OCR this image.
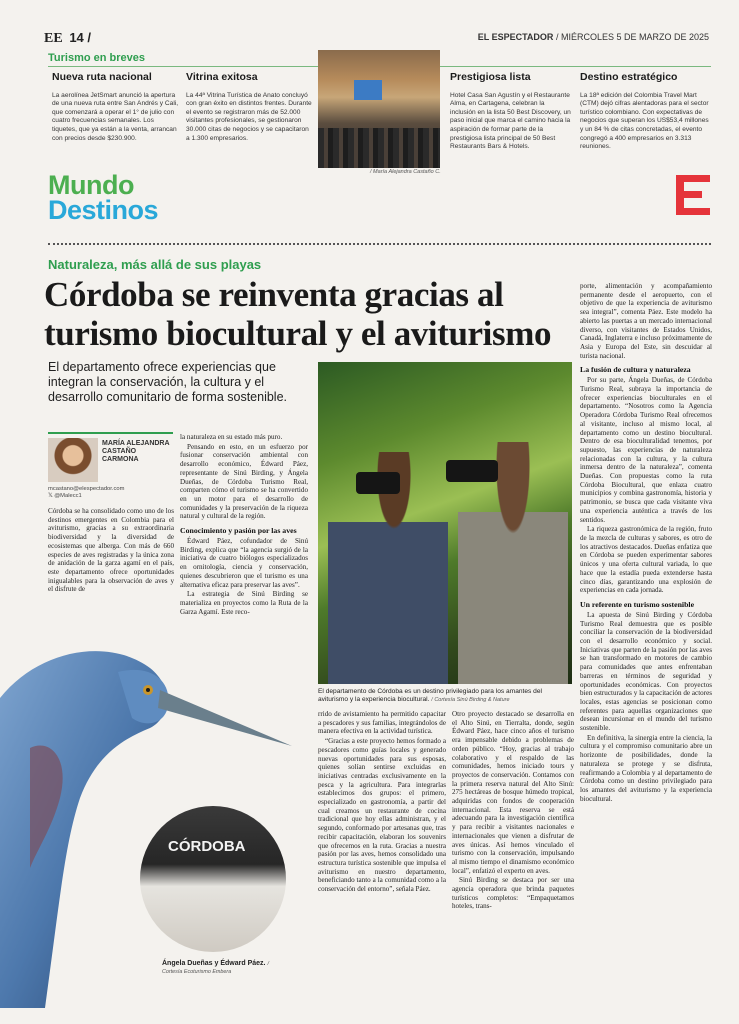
EE 14 /	EL ESPECTADOR / MIÉRCOLES 5 DE MARZO DE 2025
Turismo en breves
Nueva ruta nacional

La aerolínea JetSmart anunció la apertura de una nueva ruta entre San Andrés y Cali, que comenzará a operar el 1° de julio con cuatro frecuencias semanales. Los tiquetes, que ya están a la venta, arrancan con precios desde $230.900.

Vitrina exitosa

La 44ª Vitrina Turística de Anato concluyó con gran éxito en distintos frentes. Durante el evento se registraron más de 52.000 visitantes profesionales, se gestionaron 30.000 citas de negocios y se capacitaron a 1.300 empresarios.

/ María Alejandra Castaño C.
Prestigiosa lista

Hotel Casa San Agustín y el Restaurante Alma, en Cartagena, celebran la inclusión en la lista 50 Best Discovery, un paso inicial que marca el camino hacia la aspiración de formar parte de la prestigiosa lista principal de 50 Best Restaurants Bars & Hotels.

Destino estratégico

La 18ª edición del Colombia Travel Mart (CTM) dejó cifras alentadoras para el sector turístico colombiano. Con expectativas de negocios que superan los US$53,4 millones y un 84 % de citas concretadas, el evento congregó a 400 empresarios en 3.313 reuniones.

Mundo
Destinos
Naturaleza, más allá de sus playas
Córdoba se reinventa gracias al turismo biocultural y el aviturismo
El departamento ofrece experiencias que integran la conservación, la cultura y el desarrollo comunitario de forma sostenible.
MARÍA ALEJANDRA CASTAÑO CARMONA
mcastano@elespectador.com
𝕏 @Malecc1

Córdoba se ha consolidado como uno de los destinos emergentes en Colombia para el aviturismo, gracias a su extraordinaria biodiversidad y la diversidad de ecosistemas que alberga. Con más de 660 especies de aves registradas y la única zona de anidación de la garza agamí en el país, este departamento ofrece oportunidades inigualables para la observación de aves y el disfrute de

la naturaleza en su estado más puro.

Pensando en esto, en un esfuerzo por fusionar conservación ambiental con desarrollo económico, Édward Páez, representante de Sinú Birding, y Ángela Dueñas, de Córdoba Turismo Real, comparten cómo el turismo se ha convertido en un motor para el desarrollo de comunidades y la preservación de la riqueza natural y cultural de la región.

Conocimiento y pasión por las aves

Édward Páez, cofundador de Sinú Birding, explica que “la agencia surgió de la iniciativa de cuatro biólogos especializados en ornitología, ciencia y conservación, quienes descubrieron que el turismo es una alternativa eficaz para preservar las aves”.

La estrategia de Sinú Birding se materializa en proyectos como la Ruta de la Garza Agamí. Este reco-

El departamento de Córdoba es un destino privilegiado para los amantes del aviturismo y la experiencia biocultural. / Cortesía Sinú Birding & Nature

rrido de avistamiento ha permitido capacitar a pescadores y sus familias, integrándolos de manera efectiva en la actividad turística.

“Gracias a este proyecto hemos formado a pescadores como guías locales y generado nuevas oportunidades para sus esposas, quienes solían sentirse excluidas en iniciativas centradas exclusivamente en la pesca y la agricultura. Para integrarlas establecimos dos grupos: el primero, especializado en gastronomía, a partir del cual creamos un restaurante de cocina tradicional que hoy ellas administran, y el segundo, conformado por artesanas que, tras recibir capacitación, elaboran los souvenirs que ofrecemos en la ruta. Gracias a nuestra pasión por las aves, hemos consolidado una estructura turística sostenible que impulsa el aviturismo en nuestro departamento, beneficiando tanto a la comunidad como a la conservación del entorno”, señala Páez.

Otro proyecto destacado se desarrolla en el Alto Sinú, en Tierralta, donde, según Édward Páez, hace cinco años el turismo era impensable debido a problemas de orden público. “Hoy, gracias al trabajo colaborativo y el respaldo de las comunidades, hemos iniciado tours y proyectos de conservación. Contamos con la primera reserva natural del Alto Sinú: 275 hectáreas de bosque húmedo tropical, adquiridas con fondos de cooperación internacional. Esta reserva se está adecuando para la investigación científica y para recibir a visitantes nacionales e internacionales que vienen a disfrutar de aves únicas. Así hemos vinculado el turismo con la conservación, impulsando al mismo tiempo el dinamismo económico local”, enfatizó el experto en aves.

Sinú Birding se destaca por ser una agencia operadora que brinda paquetes turísticos completos: “Empaquetamos hoteles, trans-

porte, alimentación y acompañamiento permanente desde el aeropuerto, con el objetivo de que la experiencia de aviturismo sea integral”, comenta Páez. Este modelo ha abierto las puertas a un mercado internacional diverso, con visitantes de Estados Unidos, Canadá, Inglaterra e incluso próximamente de Asia y Europa del Este, sin descuidar al turista nacional.

La fusión de cultura y naturaleza

Por su parte, Ángela Dueñas, de Córdoba Turismo Real, subraya la importancia de ofrecer experiencias bioculturales en el departamento. “Nosotros como la Agencia Operadora Córdoba Turismo Real ofrecemos al visitante, incluso al mismo local, al departamento como un destino biocultural. Dentro de esa bioculturalidad tenemos, por supuesto, las experiencias de naturaleza relacionadas con la cultura, y la cultura inmersa dentro de la naturaleza”, comenta Dueñas. Con propuestas como la ruta Córdoba Biocultural, que enlaza cuatro municipios y combina gastronomía, historia y patrimonio, se busca que cada visitante viva una experiencia auténtica a través de los sentidos.

La riqueza gastronómica de la región, fruto de la mezcla de culturas y sabores, es otro de los atractivos destacados. Dueñas enfatiza que en Córdoba se pueden experimentar sabores únicos y una oferta cultural variada, lo que hace que la estadía pueda extenderse hasta cinco días, garantizando una explosión de experiencias en cada jornada.

Un referente en turismo sostenible

La apuesta de Sinú Birding y Córdoba Turismo Real demuestra que es posible conciliar la conservación de la biodiversidad con el desarrollo económico y social. Iniciativas que parten de la pasión por las aves se han transformado en motores de cambio para comunidades que antes enfrentaban barreras en términos de seguridad y oportunidades económicas. Con proyectos bien estructurados y la capacitación de actores locales, estas agencias se posicionan como referentes para aquellas organizaciones que desean incursionar en el mundo del turismo sostenible.

En definitiva, la sinergia entre la ciencia, la cultura y el compromiso comunitario abre un horizonte de posibilidades, donde la naturaleza se protege y se disfruta, reafirmando a Colombia y al departamento de Córdoba como un destino privilegiado para los amantes del aviturismo y la experiencia biocultural.

CÓRDOBA
Ángela Dueñas y Édward Páez. / Cortesía Ecoturismo Embera
